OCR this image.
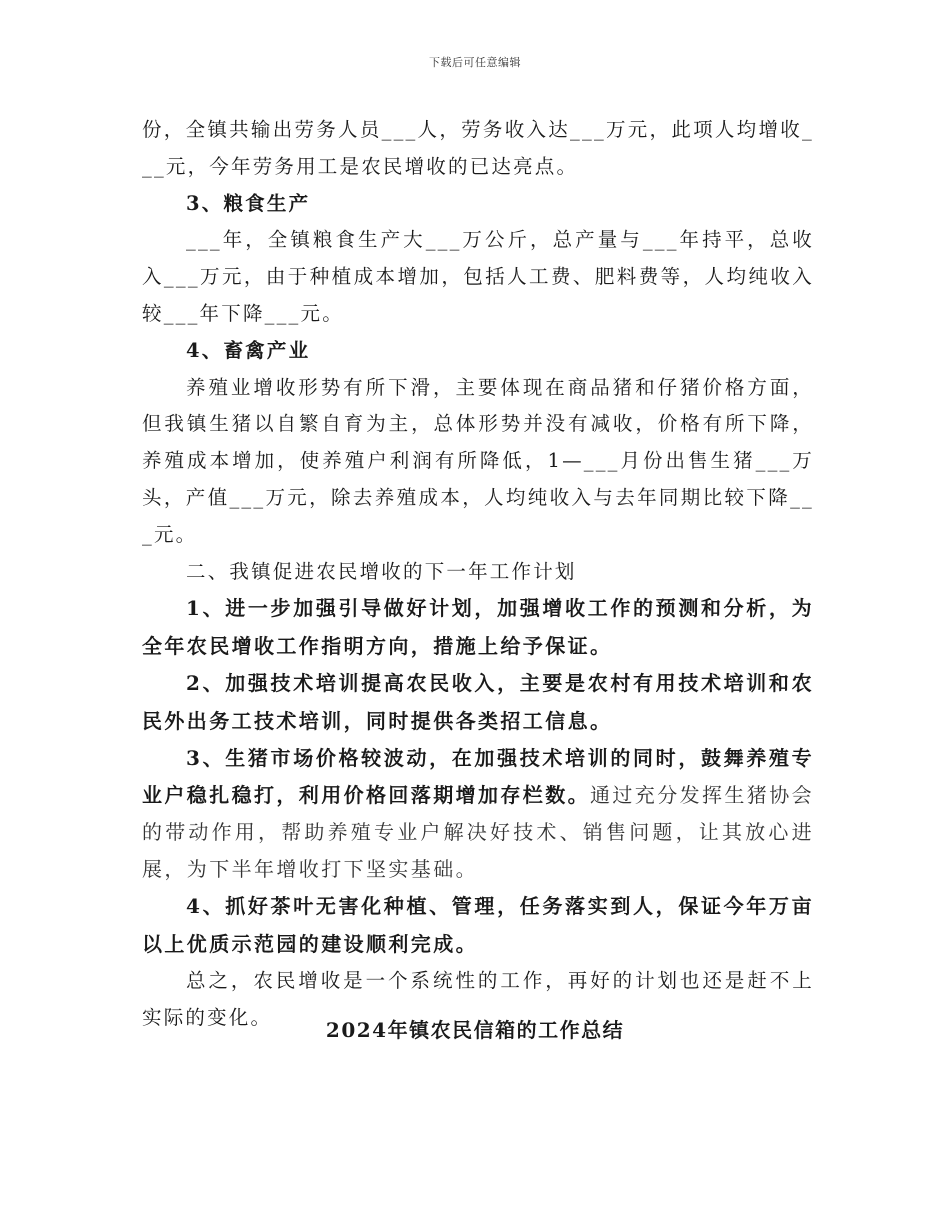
下载后可任意编辑

份，全镇共输出劳务人员___人，劳务收入达___万元，此项人均增收___元，今年劳务用工是农民增收的已达亮点。

3、粮食生产

___年，全镇粮食生产大___万公斤，总产量与___年持平，总收入___万元，由于种植成本增加，包括人工费、肥料费等，人均纯收入较___年下降___元。

4、畜禽产业

养殖业增收形势有所下滑，主要体现在商品猪和仔猪价格方面，但我镇生猪以自繁自育为主，总体形势并没有减收，价格有所下降，养殖成本增加，使养殖户利润有所降低，1—___月份出售生猪___万头，产值___万元，除去养殖成本，人均纯收入与去年同期比较下降___元。

二、我镇促进农民增收的下一年工作计划

1、进一步加强引导做好计划，加强增收工作的预测和分析，为全年农民增收工作指明方向，措施上给予保证。

2、加强技术培训提高农民收入，主要是农村有用技术培训和农民外出务工技术培训，同时提供各类招工信息。

3、生猪市场价格较波动，在加强技术培训的同时，鼓舞养殖专业户稳扎稳打，利用价格回落期增加存栏数。通过充分发挥生猪协会的带动作用，帮助养殖专业户解决好技术、销售问题，让其放心进展，为下半年增收打下坚实基础。

4、抓好茶叶无害化种植、管理，任务落实到人，保证今年万亩以上优质示范园的建设顺利完成。

总之，农民增收是一个系统性的工作，再好的计划也还是赶不上实际的变化。

2024年镇农民信箱的工作总结
